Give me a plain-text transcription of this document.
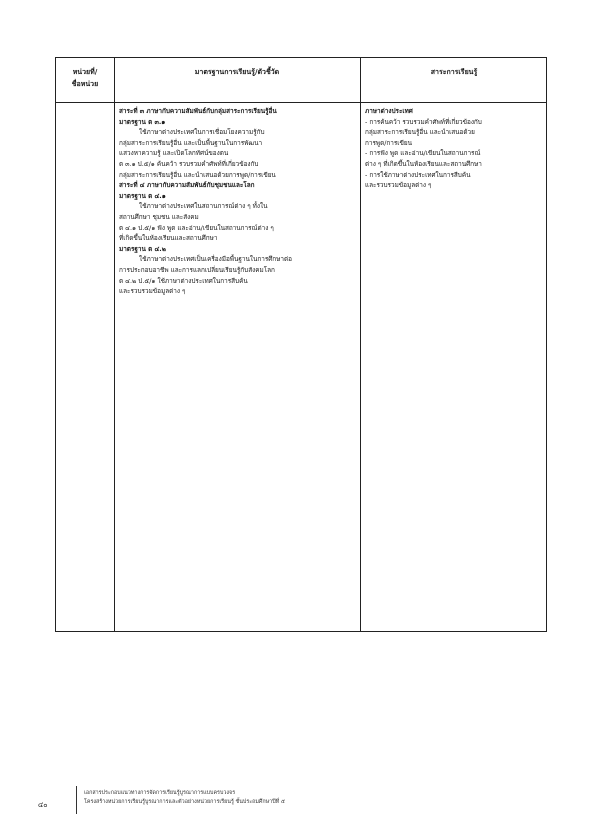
หน่วยที่/
ชื่อหน่วย
มาตรฐานการเรียนรู้/ตัวชี้วัด	สาระการเรียนรู้

สาระที่ ๓ ภาษากับความสัมพันธ์กับกลุ่มสาระการเรียนรู้อื่น

มาตรฐาน ต ๓.๑

ใช้ภาษาต่างประเทศในการเชื่อมโยงความรู้กับ

กลุ่มสาระการเรียนรู้อื่น และเป็นพื้นฐานในการพัฒนา

แสวงหาความรู้ และเปิดโลกทัศน์ของตน

ต ๓.๑ ป.๕/๑ ค้นคว้า รวบรวมคำศัพท์ที่เกี่ยวข้องกับ

กลุ่มสาระการเรียนรู้อื่น และนำเสนอด้วยการพูด/การเขียน

สาระที่ ๔ ภาษากับความสัมพันธ์กับชุมชนและโลก

มาตรฐาน ต ๔.๑

ใช้ภาษาต่างประเทศในสถานการณ์ต่าง ๆ ทั้งใน

สถานศึกษา ชุมชน และสังคม

ต ๔.๑ ป.๕/๑ ฟัง พูด และอ่าน/เขียนในสถานการณ์ต่าง ๆ

ที่เกิดขึ้นในห้องเรียนและสถานศึกษา

มาตรฐาน ต ๔.๒

ใช้ภาษาต่างประเทศเป็นเครื่องมือพื้นฐานในการศึกษาต่อ

การประกอบอาชีพ และการแลกเปลี่ยนเรียนรู้กับสังคมโลก

ต ๔.๒ ป.๕/๑ ใช้ภาษาต่างประเทศในการสืบค้น

และรวบรวมข้อมูลต่าง ๆ

ภาษาต่างประเทศ

- การค้นคว้า รวบรวมคำศัพท์ที่เกี่ยวข้องกับ

กลุ่มสาระการเรียนรู้อื่น และนำเสนอด้วย

การพูด/การเขียน

- การฟัง พูด และอ่าน/เขียนในสถานการณ์

ต่าง ๆ ที่เกิดขึ้นในห้องเรียนและสถานศึกษา

- การใช้ภาษาต่างประเทศในการสืบค้น

และรวบรวมข้อมูลต่าง ๆ

๔๐

เอกสารประกอบแนวทางการจัดการเรียนรู้บูรณาการแบบครบวงจร

โครงสร้างหน่วยการเรียนรู้บูรณาการและตัวอย่างหน่วยการเรียนรู้ ชั้นประถมศึกษาปีที่ ๕
